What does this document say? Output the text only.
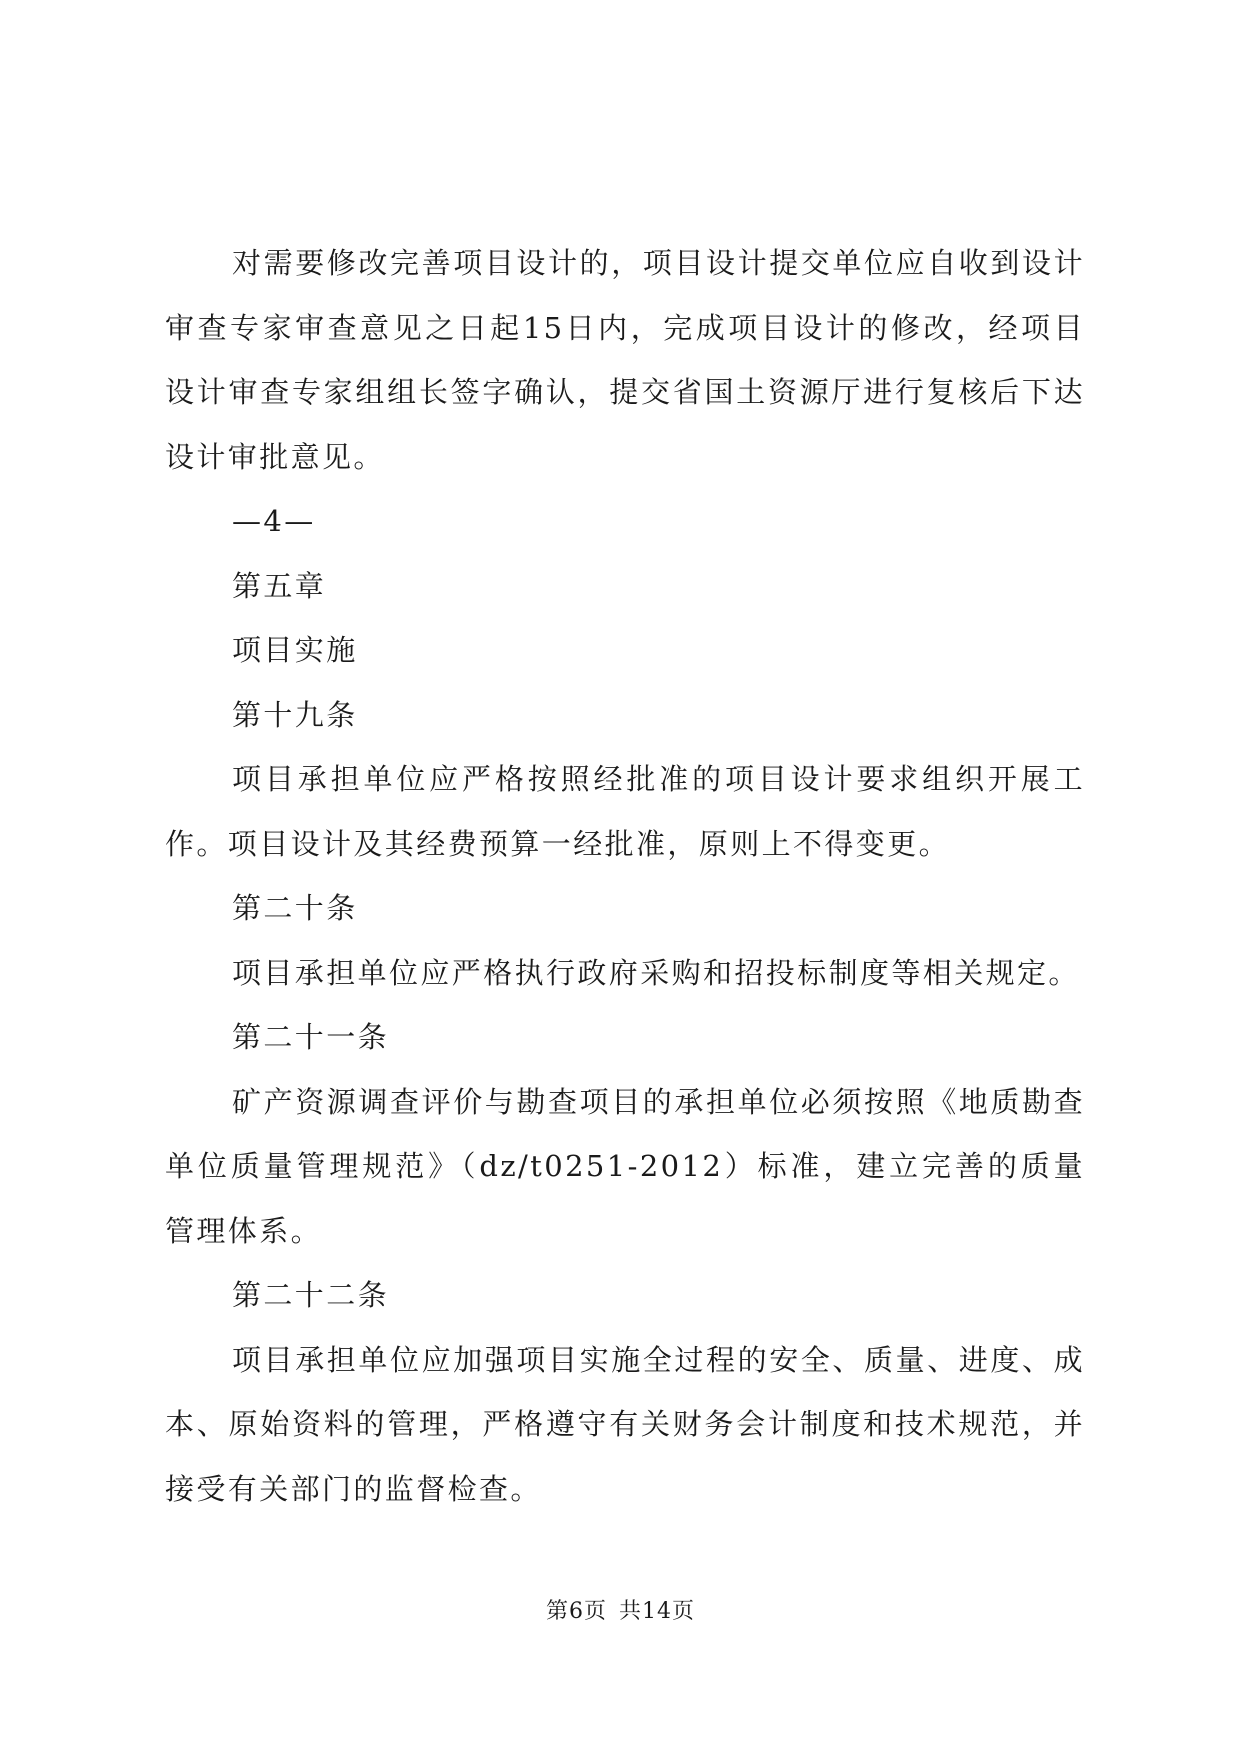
对需要修改完善项目设计的，项目设计提交单位应自收到设计审查专家审查意见之日起15日内，完成项目设计的修改，经项目设计审查专家组组长签字确认，提交省国土资源厅进行复核后下达设计审批意见。

—4—

第五章

项目实施

第十九条

项目承担单位应严格按照经批准的项目设计要求组织开展工作。项目设计及其经费预算一经批准，原则上不得变更。

第二十条

项目承担单位应严格执行政府采购和招投标制度等相关规定。

第二十一条

矿产资源调查评价与勘查项目的承担单位必须按照《地质勘查单位质量管理规范》（dz/t0251-2012）标准，建立完善的质量管理体系。

第二十二条

项目承担单位应加强项目实施全过程的安全、质量、进度、成本、原始资料的管理，严格遵守有关财务会计制度和技术规范，并接受有关部门的监督检查。

第6页 共14页
